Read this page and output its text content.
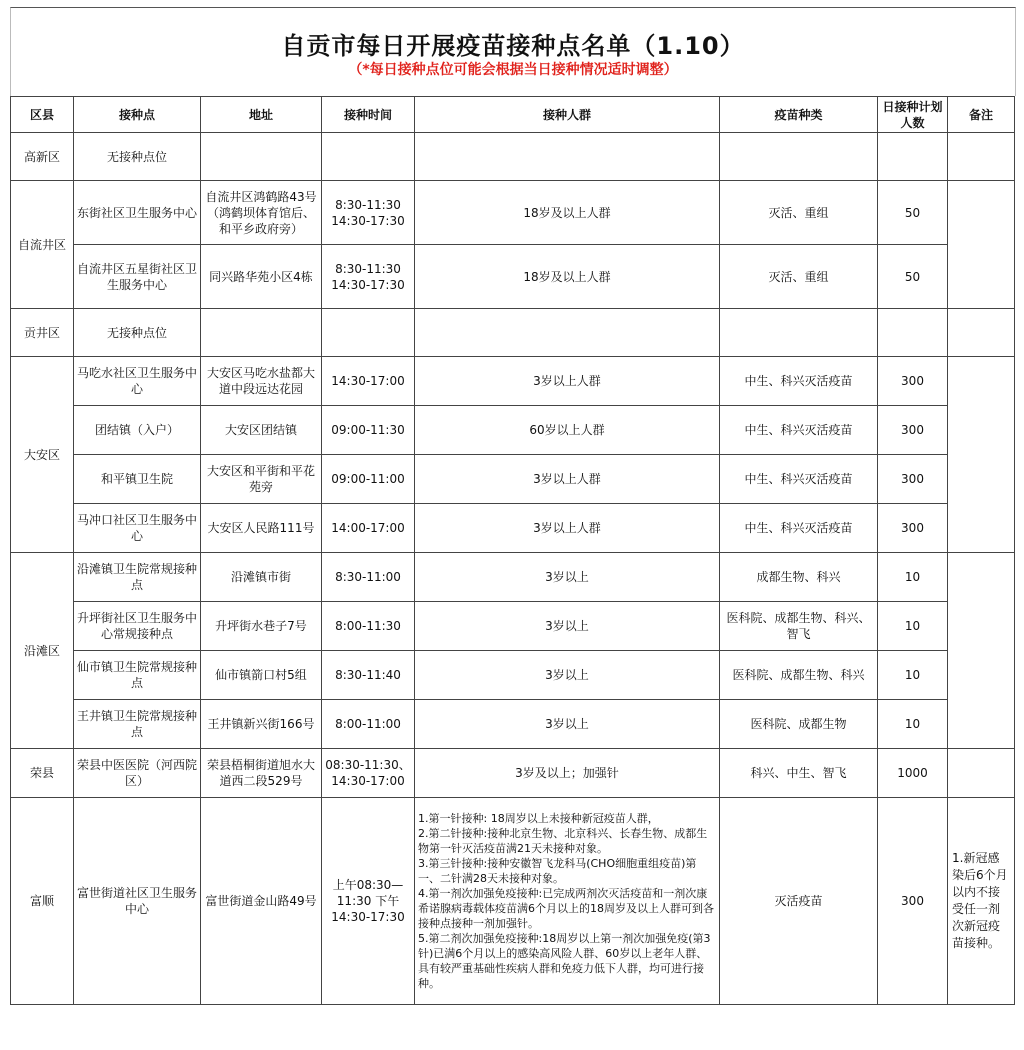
自贡市每日开展疫苗接种点名单（1.10）
（*每日接种点位可能会根据当日接种情况适时调整）
区县	接种点	地址	接种时间	接种人群	疫苗种类	日接种计划人数	备注
高新区	无接种点位						
自流井区	东街社区卫生服务中心	自流井区鸿鹤路43号（鸿鹤坝体育馆后、和平乡政府旁）	8:30-11:30 14:30-17:30	18岁及以上人群	灭活、重组	50	
	自流井区五星街社区卫生服务中心	同兴路华苑小区4栋	8:30-11:30 14:30-17:30	18岁及以上人群	灭活、重组	50	
贡井区	无接种点位						
大安区	马吃水社区卫生服务中心	大安区马吃水盐都大道中段远达花园	14:30-17:00	3岁以上人群	中生、科兴灭活疫苗	300	
	团结镇（入户）	大安区团结镇	09:00-11:30	60岁以上人群	中生、科兴灭活疫苗	300	
	和平镇卫生院	大安区和平街和平花苑旁	09:00-11:00	3岁以上人群	中生、科兴灭活疫苗	300	
	马冲口社区卫生服务中心	大安区人民路111号	14:00-17:00	3岁以上人群	中生、科兴灭活疫苗	300	
沿滩区	沿滩镇卫生院常规接种点	沿滩镇市街	8:30-11:00	3岁以上	成都生物、科兴	10	
	升坪街社区卫生服务中心常规接种点	升坪街水巷子7号	8:00-11:30	3岁以上	医科院、成都生物、科兴、智飞	10	
	仙市镇卫生院常规接种点	仙市镇箭口村5组	8:30-11:40	3岁以上	医科院、成都生物、科兴	10	
	王井镇卫生院常规接种点	王井镇新兴街166号	8:00-11:00	3岁以上	医科院、成都生物	10	
荣县	荣县中医医院（河西院区）	荣县梧桐街道旭水大道西二段529号	08:30-11:30、14:30-17:00	3岁及以上；加强针	科兴、中生、智飞	1000	
富顺	富世街道社区卫生服务中心	富世街道金山路49号	上午08:30—11:30 下午14:30-17:30	1.第一针接种: 18周岁以上未接种新冠疫苗人群，
2.第二针接种:接种北京生物、北京科兴、长春生物、成都生物第一针灭活疫苗满21天未接种对象。
3.第三针接种:接种安徽智飞龙科马(CHO细胞重组疫苗)第一、二针满28天未接种对象。
4.第一剂次加强免疫接种:已完成两剂次灭活疫苗和一剂次康希诺腺病毒载体疫苗满6个月以上的18周岁及以上人群可到各接种点接种一剂加强针。
5.第二剂次加强免疫接种:18周岁以上第一剂次加强免疫(第3针)已满6个月以上的感染高风险人群、60岁以上老年人群、具有较严重基础性疾病人群和免疫力低下人群，均可进行接种。	灭活疫苗	300	1.新冠感染后6个月以内不接受任一剂次新冠疫苗接种。
